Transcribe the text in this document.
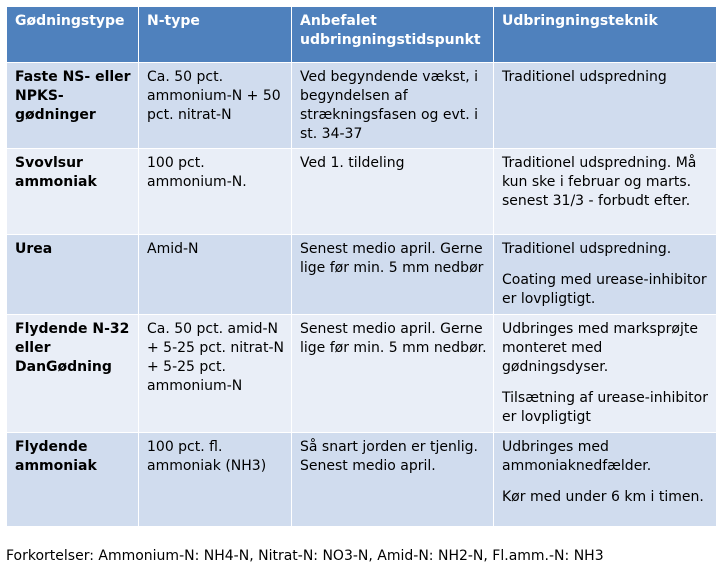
Gødningstype	N-type	Anbefalet udbringningstidspunkt	Udbringningsteknik
Faste NS- eller NPKS-gødninger	Ca. 50 pct. ammonium-N + 50 pct. nitrat-N	Ved begyndende vækst, i begyndelsen af strækningsfasen og evt. i st. 34-37	Traditionel udspredning

Svovlsur ammoniak	100 pct. ammonium-N.	Ved 1. tildeling	Traditionel udspredning. Må kun ske i februar og marts. senest 31/3 - forbudt efter.

Urea	Amid-N	Senest medio april. Gerne lige før min. 5 mm nedbør	Traditionel udspredning.
Coating med urease-inhibitor er lovpligtigt.

Flydende N-32 eller DanGødning	Ca. 50 pct. amid-N + 5-25 pct. nitrat-N + 5-25 pct. ammonium-N	Senest medio april. Gerne lige før min. 5 mm nedbør.	Udbringes med marksprøjte monteret med gødningsdyser.
Tilsætning af urease-inhibitor er lovpligtigt

Flydende ammoniak	100 pct. fl. ammoniak (NH3)	Så snart jorden er tjenlig. Senest medio april.	Udbringes med ammoniaknedfælder.
Kør med under 6 km i timen.
Forkortelser: Ammonium-N: NH4-N, Nitrat-N: NO3-N, Amid-N: NH2-N, Fl.amm.-N: NH3
